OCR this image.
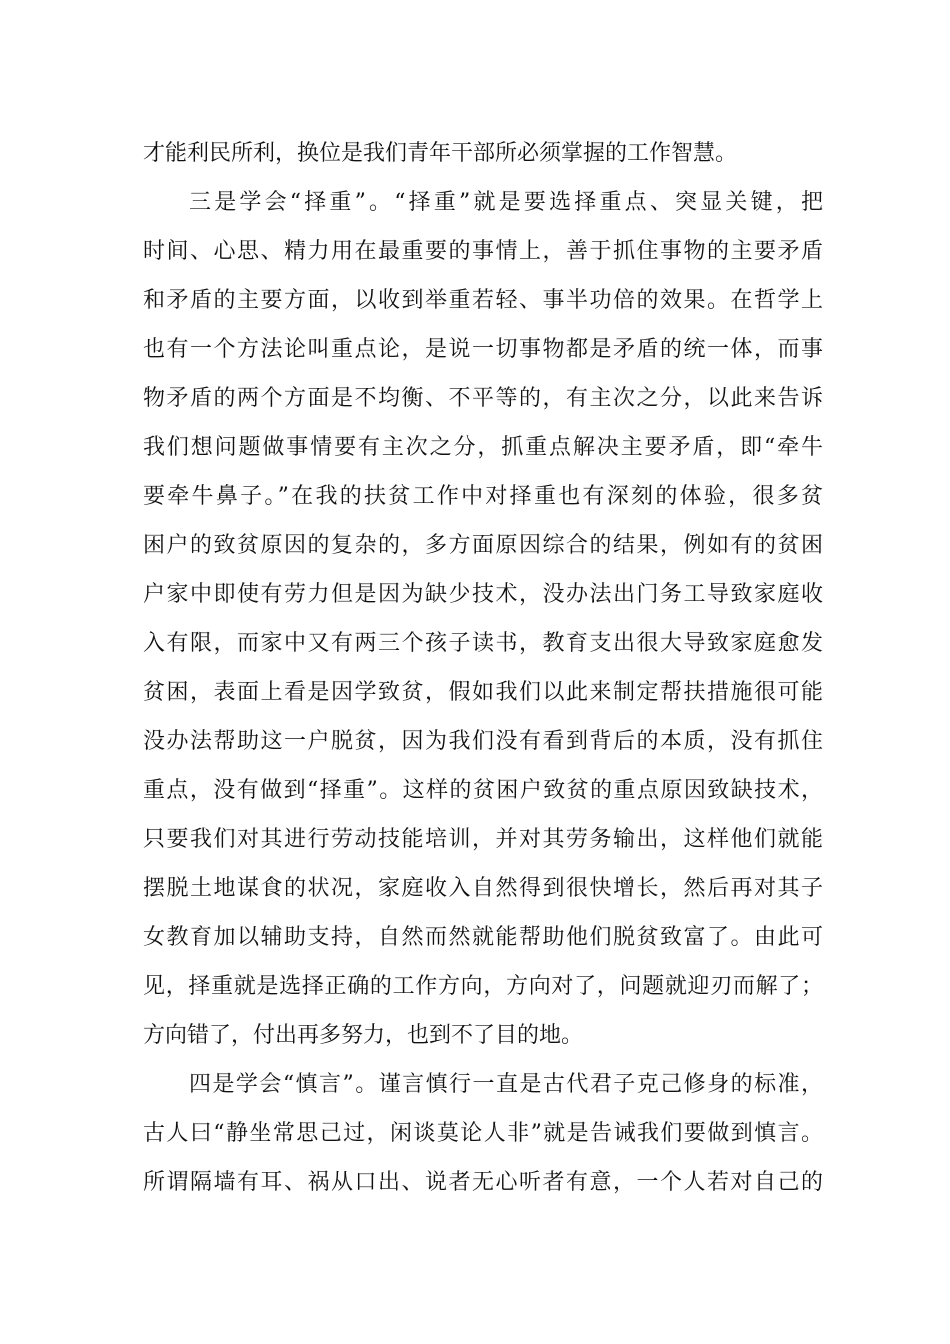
才能利民所利，换位是我们青年干部所必须掌握的工作智慧。
三是学会“择重”。“择重”就是要选择重点、突显关键，把
时间、心思、精力用在最重要的事情上，善于抓住事物的主要矛盾
和矛盾的主要方面，以收到举重若轻、事半功倍的效果。在哲学上
也有一个方法论叫重点论，是说一切事物都是矛盾的统一体，而事
物矛盾的两个方面是不均衡、不平等的，有主次之分，以此来告诉
我们想问题做事情要有主次之分，抓重点解决主要矛盾，即“牵牛
要牵牛鼻子。”在我的扶贫工作中对择重也有深刻的体验，很多贫
困户的致贫原因的复杂的，多方面原因综合的结果，例如有的贫困
户家中即使有劳力但是因为缺少技术，没办法出门务工导致家庭收
入有限，而家中又有两三个孩子读书，教育支出很大导致家庭愈发
贫困，表面上看是因学致贫，假如我们以此来制定帮扶措施很可能
没办法帮助这一户脱贫，因为我们没有看到背后的本质，没有抓住
重点，没有做到“择重”。这样的贫困户致贫的重点原因致缺技术，
只要我们对其进行劳动技能培训，并对其劳务输出，这样他们就能
摆脱土地谋食的状况，家庭收入自然得到很快增长，然后再对其子
女教育加以辅助支持，自然而然就能帮助他们脱贫致富了。由此可
见，择重就是选择正确的工作方向，方向对了，问题就迎刃而解了；
方向错了，付出再多努力，也到不了目的地。
四是学会“慎言”。谨言慎行一直是古代君子克己修身的标准，
古人曰“静坐常思己过，闲谈莫论人非”就是告诫我们要做到慎言。
所谓隔墙有耳、祸从口出、说者无心听者有意，一个人若对自己的
